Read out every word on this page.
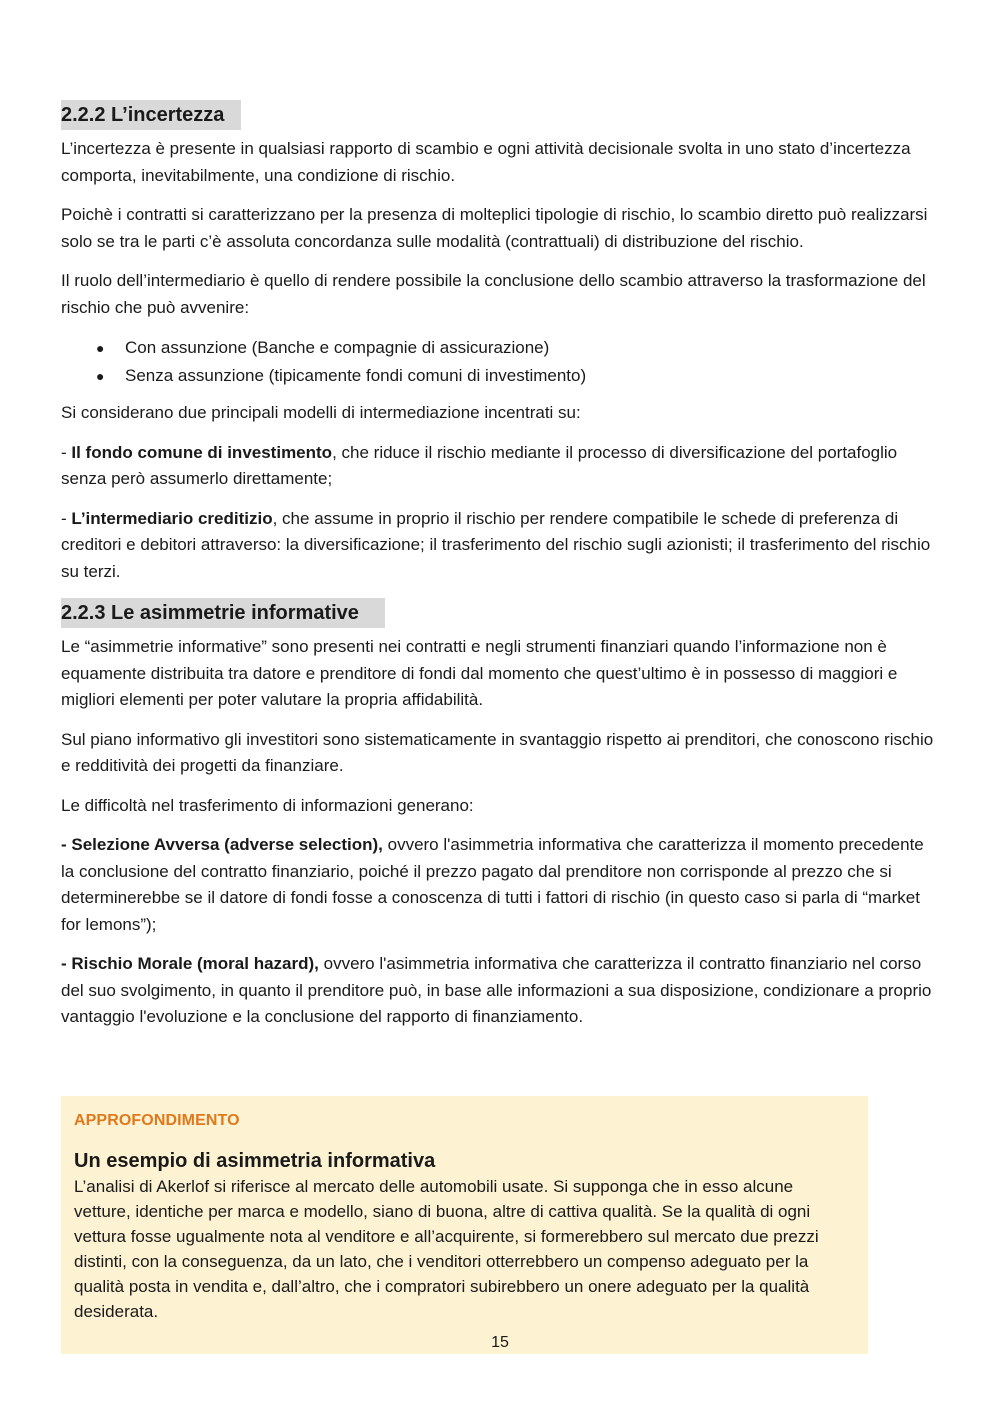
2.2.2 L’incertezza

L’incertezza è presente in qualsiasi rapporto di scambio e ogni attività decisionale svolta in uno stato d’incertezza comporta, inevitabilmente, una condizione di rischio.

Poichè i contratti si caratterizzano per la presenza di molteplici tipologie di rischio, lo scambio diretto può realizzarsi solo se tra le parti c’è assoluta concordanza sulle modalità (contrattuali) di distribuzione del rischio.

Il ruolo dell’intermediario è quello di rendere possibile la conclusione dello scambio attraverso la trasformazione del rischio che può avvenire:

● Con assunzione (Banche e compagnie di assicurazione)
● Senza assunzione (tipicamente fondi comuni di investimento)

Si considerano due principali modelli di intermediazione incentrati su:

- Il fondo comune di investimento, che riduce il rischio mediante il processo di diversificazione del portafoglio senza però assumerlo direttamente;

- L’intermediario creditizio, che assume in proprio il rischio per rendere compatibile le schede di preferenza di creditori e debitori attraverso: la diversificazione; il trasferimento del rischio sugli azionisti; il trasferimento del rischio su terzi.

2.2.3 Le asimmetrie informative

Le “asimmetrie informative” sono presenti nei contratti e negli strumenti finanziari quando l’informazione non è equamente distribuita tra datore e prenditore di fondi dal momento che quest’ultimo è in possesso di maggiori e migliori elementi per poter valutare la propria affidabilità.

Sul piano informativo gli investitori sono sistematicamente in svantaggio rispetto ai prenditori, che conoscono rischio e redditività dei progetti da finanziare.

Le difficoltà nel trasferimento di informazioni generano:

- Selezione Avversa (adverse selection), ovvero l'asimmetria informativa che caratterizza il momento precedente la conclusione del contratto finanziario, poiché il prezzo pagato dal prenditore non corrisponde al prezzo che si determinerebbe se il datore di fondi fosse a conoscenza di tutti i fattori di rischio (in questo caso si parla di “market for lemons”);

- Rischio Morale (moral hazard), ovvero l'asimmetria informativa che caratterizza il contratto finanziario nel corso del suo svolgimento, in quanto il prenditore può, in base alle informazioni a sua disposizione, condizionare a proprio vantaggio l'evoluzione e la conclusione del rapporto di finanziamento.

APPROFONDIMENTO
Un esempio di asimmetria informativa

L’analisi di Akerlof si riferisce al mercato delle automobili usate. Si supponga che in esso alcune vetture, identiche per marca e modello, siano di buona, altre di cattiva qualità. Se la qualità di ogni vettura fosse ugualmente nota al venditore e all’acquirente, si formerebbero sul mercato due prezzi distinti, con la conseguenza, da un lato, che i venditori otterrebbero un compenso adeguato per la qualità posta in vendita e, dall’altro, che i compratori subirebbero un onere adeguato per la qualità desiderata.

15
